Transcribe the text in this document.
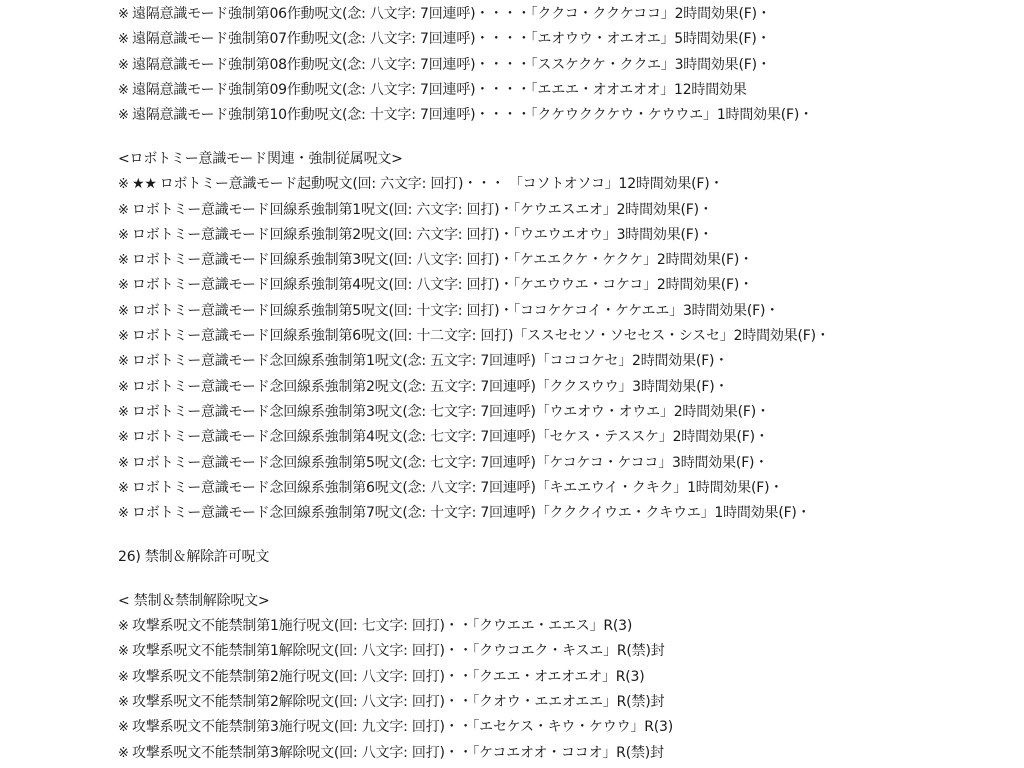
※ 遠隔意識モード強制第06作動呪文(念: 八文字: 7回連呼)・・・・「ククコ・ククケココ」2時間効果(F)・
※ 遠隔意識モード強制第07作動呪文(念: 八文字: 7回連呼)・・・・「エオウウ・オエオエ」5時間効果(F)・
※ 遠隔意識モード強制第08作動呪文(念: 八文字: 7回連呼)・・・・「ススケクケ・ククエ」3時間効果(F)・
※ 遠隔意識モード強制第09作動呪文(念: 八文字: 7回連呼)・・・・「エエエ・オオエオオ」12時間効果
※ 遠隔意識モード強制第10作動呪文(念: 十文字: 7回連呼)・・・・「クケウククケウ・ケウウエ」1時間効果(F)・
<ロボトミー意識モード関連・強制従属呪文>
※ ★★ ロボトミー意識モード起動呪文(回: 六文字: 回打)・・・ 「コソトオソコ」12時間効果(F)・
※ ロボトミー意識モード回線系強制第1呪文(回: 六文字: 回打)・「ケウエスエオ」2時間効果(F)・
※ ロボトミー意識モード回線系強制第2呪文(回: 六文字: 回打)・「ウエウエオウ」3時間効果(F)・
※ ロボトミー意識モード回線系強制第3呪文(回: 八文字: 回打)・「ケエエクケ・ケクケ」2時間効果(F)・
※ ロボトミー意識モード回線系強制第4呪文(回: 八文字: 回打)・「ケエウウエ・コケコ」2時間効果(F)・
※ ロボトミー意識モード回線系強制第5呪文(回: 十文字: 回打)・「ココケケコイ・ケケエエ」3時間効果(F)・
※ ロボトミー意識モード回線系強制第6呪文(回: 十二文字: 回打)「ススセセソ・ソセセス・シスセ」2時間効果(F)・
※ ロボトミー意識モード念回線系強制第1呪文(念: 五文字: 7回連呼)「コココケセ」2時間効果(F)・
※ ロボトミー意識モード念回線系強制第2呪文(念: 五文字: 7回連呼)「ククスウウ」3時間効果(F)・
※ ロボトミー意識モード念回線系強制第3呪文(念: 七文字: 7回連呼)「ウエオウ・オウエ」2時間効果(F)・
※ ロボトミー意識モード念回線系強制第4呪文(念: 七文字: 7回連呼)「セケス・テススケ」2時間効果(F)・
※ ロボトミー意識モード念回線系強制第5呪文(念: 七文字: 7回連呼)「ケコケコ・ケココ」3時間効果(F)・
※ ロボトミー意識モード念回線系強制第6呪文(念: 八文字: 7回連呼)「キエエウイ・クキク」1時間効果(F)・
※ ロボトミー意識モード念回線系強制第7呪文(念: 十文字: 7回連呼)「クククイウエ・クキウエ」1時間効果(F)・
26) 禁制＆解除許可呪文
< 禁制＆禁制解除呪文>
※ 攻撃系呪文不能禁制第1施行呪文(回: 七文字: 回打)・・「クウエエ・エエス」R(3)
※ 攻撃系呪文不能禁制第1解除呪文(回: 八文字: 回打)・・「クウコエク・キスエ」R(禁)封
※ 攻撃系呪文不能禁制第2施行呪文(回: 八文字: 回打)・・「クエエ・オエオエオ」R(3)
※ 攻撃系呪文不能禁制第2解除呪文(回: 八文字: 回打)・・「クオウ・エエオエエ」R(禁)封
※ 攻撃系呪文不能禁制第3施行呪文(回: 九文字: 回打)・・「エセケス・キウ・ケウウ」R(3)
※ 攻撃系呪文不能禁制第3解除呪文(回: 八文字: 回打)・・「ケコエオオ・ココオ」R(禁)封
